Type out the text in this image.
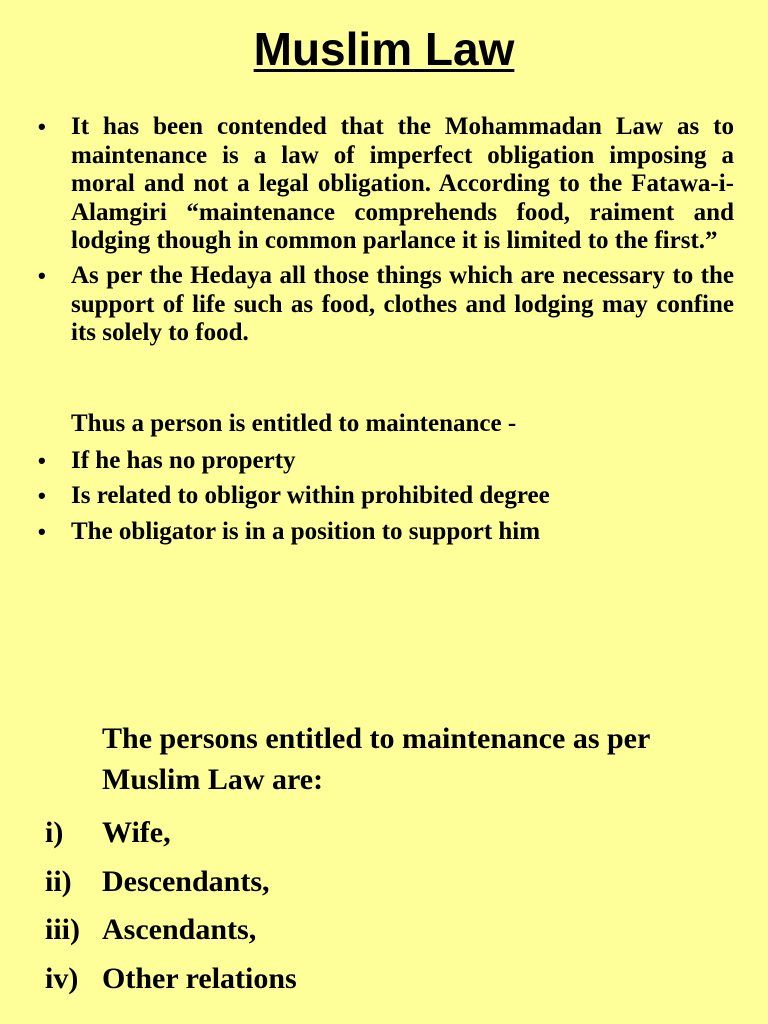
Muslim Law
• It has been contended that the Mohammadan Law as to maintenance is a law of imperfect obligation imposing a moral and not a legal obligation. According to the Fatawa-i-Alamgiri “maintenance comprehends food, raiment and lodging though in common parlance it is limited to the first.”
• As per the Hedaya all those things which are necessary to the support of life such as food, clothes and lodging may confine its solely to food.

Thus a person is entitled to maintenance -

• If he has no property
• Is related to obligor within prohibited degree
• The obligator is in a position to support him

The persons entitled to maintenance as per Muslim Law are:

i) Wife,
ii) Descendants,
iii) Ascendants,
iv) Other relations
